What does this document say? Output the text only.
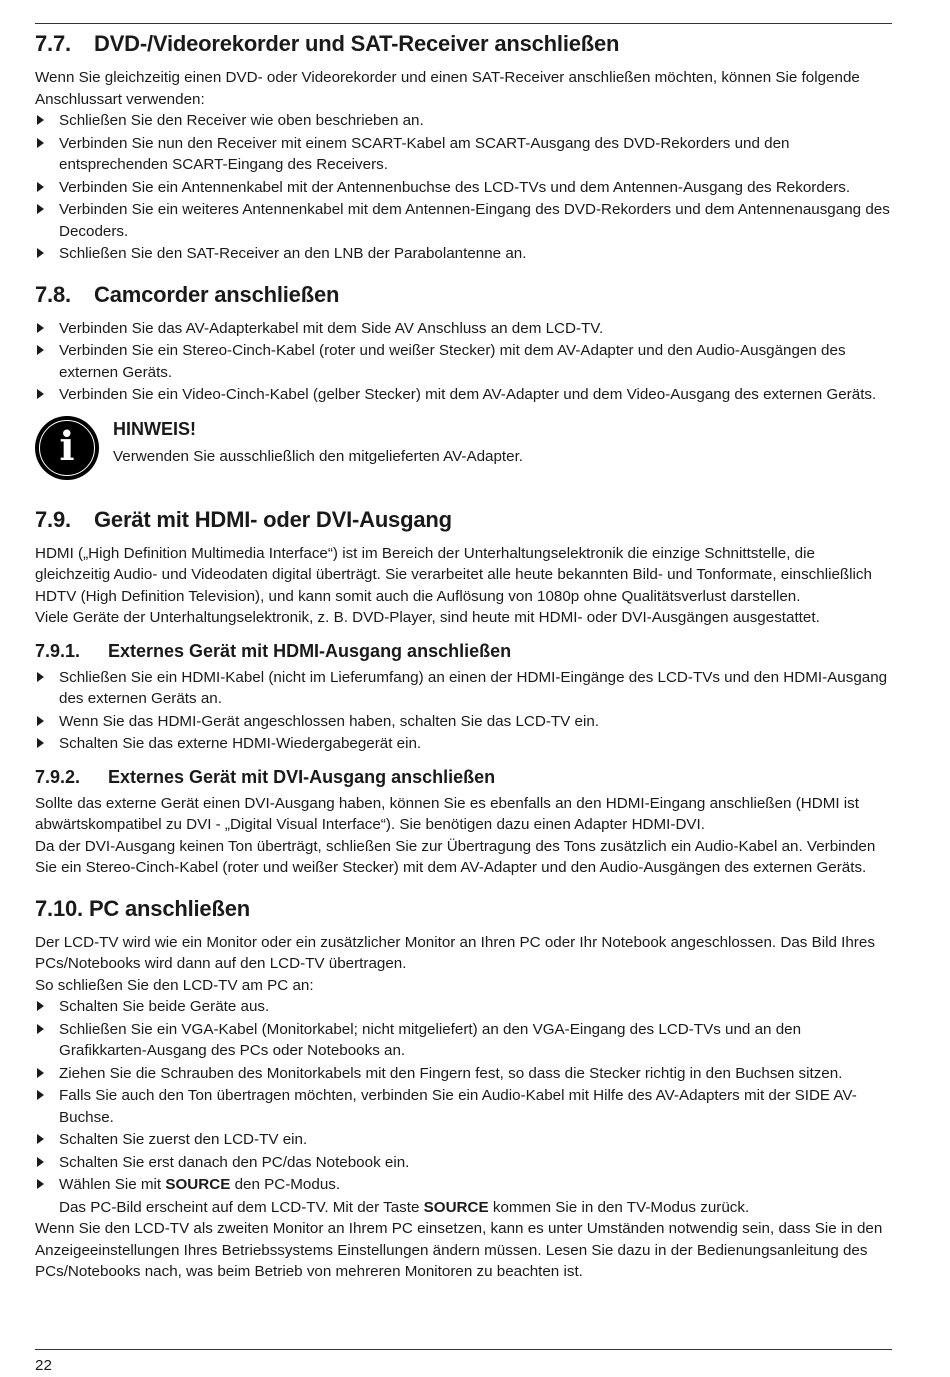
7.7. DVD-/Videorekorder und SAT-Receiver anschließen

Wenn Sie gleichzeitig einen DVD- oder Videorekorder und einen SAT-Receiver anschließen möchten, können Sie folgende Anschlussart verwenden:

Schließen Sie den Receiver wie oben beschrieben an.
Verbinden Sie nun den Receiver mit einem SCART-Kabel am SCART-Ausgang des DVD-Rekorders und den entsprechenden SCART-Eingang des Receivers.
Verbinden Sie ein Antennenkabel mit der Antennenbuchse des LCD-TVs und dem Antennen-Ausgang des Rekorders.
Verbinden Sie ein weiteres Antennenkabel mit dem Antennen-Eingang des DVD-Rekorders und dem Antennenausgang des Decoders.
Schließen Sie den SAT-Receiver an den LNB der Parabolantenne an.
7.8. Camcorder anschließen
Verbinden Sie das AV-Adapterkabel mit dem Side AV Anschluss an dem LCD-TV.
Verbinden Sie ein Stereo-Cinch-Kabel (roter und weißer Stecker) mit dem AV-Adapter und den Audio-Ausgängen des externen Geräts.
Verbinden Sie ein Video-Cinch-Kabel (gelber Stecker) mit dem AV-Adapter und dem Video-Ausgang des externen Geräts.
i	HINWEIS!
Verwenden Sie ausschließlich den mitgelieferten AV-Adapter.
7.9. Gerät mit HDMI- oder DVI-Ausgang

HDMI („High Definition Multimedia Interface“) ist im Bereich der Unterhaltungselektronik die einzige Schnittstelle, die gleichzeitig Audio- und Videodaten digital überträgt. Sie verarbeitet alle heute bekannten Bild- und Tonformate, einschließlich HDTV (High Definition Television), und kann somit auch die Auflösung von 1080p ohne Qualitätsverlust darstellen.

Viele Geräte der Unterhaltungselektronik, z. B. DVD-Player, sind heute mit HDMI- oder DVI-Ausgängen ausgestattet.

7.9.1. Externes Gerät mit HDMI-Ausgang anschließen
Schließen Sie ein HDMI-Kabel (nicht im Lieferumfang) an einen der HDMI-Eingänge des LCD-TVs und den HDMI-Ausgang des externen Geräts an.
Wenn Sie das HDMI-Gerät angeschlossen haben, schalten Sie das LCD-TV ein.
Schalten Sie das externe HDMI-Wiedergabegerät ein.
7.9.2. Externes Gerät mit DVI-Ausgang anschließen

Sollte das externe Gerät einen DVI-Ausgang haben, können Sie es ebenfalls an den HDMI-Eingang anschließen (HDMI ist abwärtskompatibel zu DVI - „Digital Visual Interface“). Sie benötigen dazu einen Adapter HDMI-DVI.

Da der DVI-Ausgang keinen Ton überträgt, schließen Sie zur Übertragung des Tons zusätzlich ein Audio-Kabel an. Verbinden Sie ein Stereo-Cinch-Kabel (roter und weißer Stecker) mit dem AV-Adapter und den Audio-Ausgängen des externen Geräts.

7.10. PC anschließen

Der LCD-TV wird wie ein Monitor oder ein zusätzlicher Monitor an Ihren PC oder Ihr Notebook angeschlossen. Das Bild Ihres PCs/Notebooks wird dann auf den LCD-TV übertragen.

So schließen Sie den LCD-TV am PC an:

Schalten Sie beide Geräte aus.
Schließen Sie ein VGA-Kabel (Monitorkabel; nicht mitgeliefert) an den VGA-Eingang des LCD-TVs und an den Grafikkarten-Ausgang des PCs oder Notebooks an.
Ziehen Sie die Schrauben des Monitorkabels mit den Fingern fest, so dass die Stecker richtig in den Buchsen sitzen.
Falls Sie auch den Ton übertragen möchten, verbinden Sie ein Audio-Kabel mit Hilfe des AV-Adapters mit der SIDE AV-Buchse.
Schalten Sie zuerst den LCD-TV ein.
Schalten Sie erst danach den PC/das Notebook ein.
Wählen Sie mit SOURCE den PC-Modus.
Das PC-Bild erscheint auf dem LCD-TV. Mit der Taste SOURCE kommen Sie in den TV-Modus zurück.

Wenn Sie den LCD-TV als zweiten Monitor an Ihrem PC einsetzen, kann es unter Umständen notwendig sein, dass Sie in den Anzeigeeinstellungen Ihres Betriebssystems Einstellungen ändern müssen. Lesen Sie dazu in der Bedienungsanleitung des PCs/Notebooks nach, was beim Betrieb von mehreren Monitoren zu beachten ist.

22
